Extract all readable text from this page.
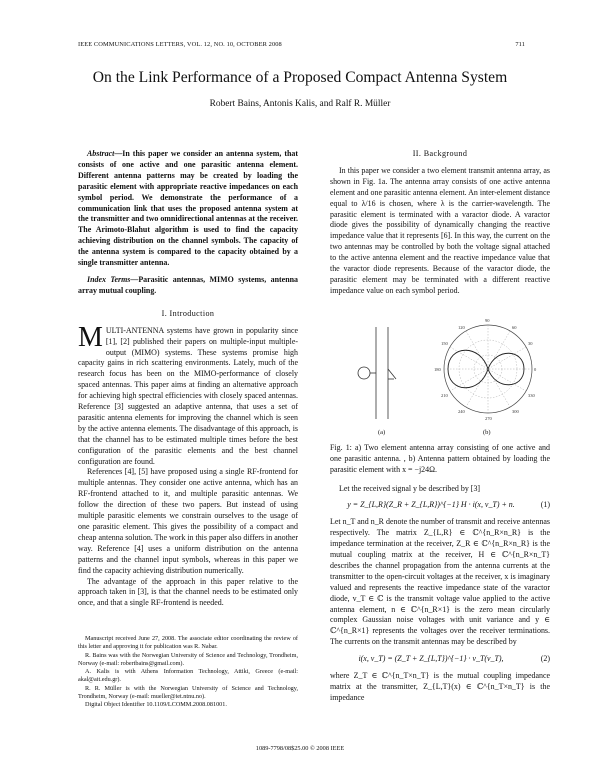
IEEE COMMUNICATIONS LETTERS, VOL. 12, NO. 10, OCTOBER 2008	711
On the Link Performance of a Proposed Compact Antenna System
Robert Bains, Antonis Kalis, and Ralf R. Müller

Abstract—In this paper we consider an antenna system, that consists of one active and one parasitic antenna element. Different antenna patterns may be created by loading the parasitic element with appropriate reactive impedances on each symbol period. We demonstrate the performance of a communication link that uses the proposed antenna system at the transmitter and two omnidirectional antennas at the receiver. The Arimoto-Blahut algorithm is used to find the capacity achieving distribution on the channel symbols. The capacity of the antenna system is compared to the capacity obtained by a single transmitter antenna.

Index Terms—Parasitic antennas, MIMO systems, antenna array mutual coupling.

I. Introduction

MULTI-ANTENNA systems have grown in popularity since [1], [2] published their papers on multiple-input multiple-output (MIMO) systems. These systems promise high capacity gains in rich scattering environments. Lately, much of the research focus has been on the MIMO-performance of closely spaced antennas. This paper aims at finding an alternative approach for achieving high spectral efficiencies with closely spaced antennas. Reference [3] suggested an adaptive antenna, that uses a set of parasitic antenna elements for improving the channel which is seen by the active antenna elements. The disadvantage of this approach, is that the channel has to be estimated multiple times before the best configuration of the parasitic elements and the best channel configuration are found.

References [4], [5] have proposed using a single RF-frontend for multiple antennas. They consider one active antenna, which has an RF-frontend attached to it, and multiple parasitic antennas. We follow the direction of these two papers. But instead of using multiple parasitic elements we constrain ourselves to the usage of one parasitic element. This gives the possibility of a compact and cheap antenna solution. The work in this paper also differs in another way. Reference [4] uses a uniform distribution on the antenna patterns and the channel input symbols, whereas in this paper we find the capacity achieving distribution numerically.

The advantage of the approach in this paper relative to the approach taken in [3], is that the channel needs to be estimated only once, and that a single RF-frontend is needed.

Manuscript received June 27, 2008. The associate editor coordinating the review of this letter and approving it for publication was R. Nabar.

R. Bains was with the Norwegian University of Science and Technology, Trondheim, Norway (e-mail: robertbains@gmail.com).

A. Kalis is with Athens Information Technology, Attiki, Greece (e-mail: akal@ait.edu.gr).

R. R. Müller is with the Norwegian University of Science and Technology, Trondheim, Norway (e-mail: mueller@iet.ntnu.no).

Digital Object Identifier 10.1109/LCOMM.2008.081001.

II. Background

In this paper we consider a two element transmit antenna array, as shown in Fig. 1a. The antenna array consists of one active antenna element and one parasitic antenna element. An inter-element distance equal to λ/16 is chosen, where λ is the carrier-wavelength. The parasitic element is terminated with a varactor diode. A varactor diode gives the possibility of dynamically changing the reactive impedance value that it represents [6]. In this way, the current on the two antennas may be controlled by both the voltage signal attached to the active antenna element and the reactive impedance value that the varactor diode represents. Because of the varactor diode, the parasitic element may be terminated with a different reactive impedance value on each symbol period.

90
120	60
150	30
180	0
210	330
240	300
270
(a)	(b)

Fig. 1: a) Two element antenna array consisting of one active and one parasitic antenna. , b) Antenna pattern obtained by loading the parasitic element with x = −j24Ω.

Let the received signal y be described by [3]

y = Z_{L,R}(Z_R + Z_{L,R})^{−1} H · i(x, v_T) + n.	(1)

Let n_T and n_R denote the number of transmit and receive antennas respectively. The matrix Z_{L,R} ∈ ℂ^{n_R×n_R} is the impedance termination at the receiver, Z_R ∈ ℂ^{n_R×n_R} is the mutual coupling matrix at the receiver, H ∈ ℂ^{n_R×n_T} describes the channel propagation from the antenna currents at the transmitter to the open-circuit voltages at the receiver, x is imaginary valued and represents the reactive impedance state of the varactor diode, v_T ∈ ℂ is the transmit voltage value applied to the active antenna element, n ∈ ℂ^{n_R×1} is the zero mean circularly complex Gaussian noise voltages with unit variance and y ∈ ℂ^{n_R×1} represents the voltages over the receiver terminations. The currents on the transmit antennas may be described by

i(x, v_T) = (Z_T + Z_{L,T})^{−1} · v_T(v_T),	(2)

where Z_T ∈ ℂ^{n_T×n_T} is the mutual coupling impedance matrix at the transmitter, Z_{L,T}(x) ∈ ℂ^{n_T×n_T} is the impedance

1089-7798/08$25.00 © 2008 IEEE
